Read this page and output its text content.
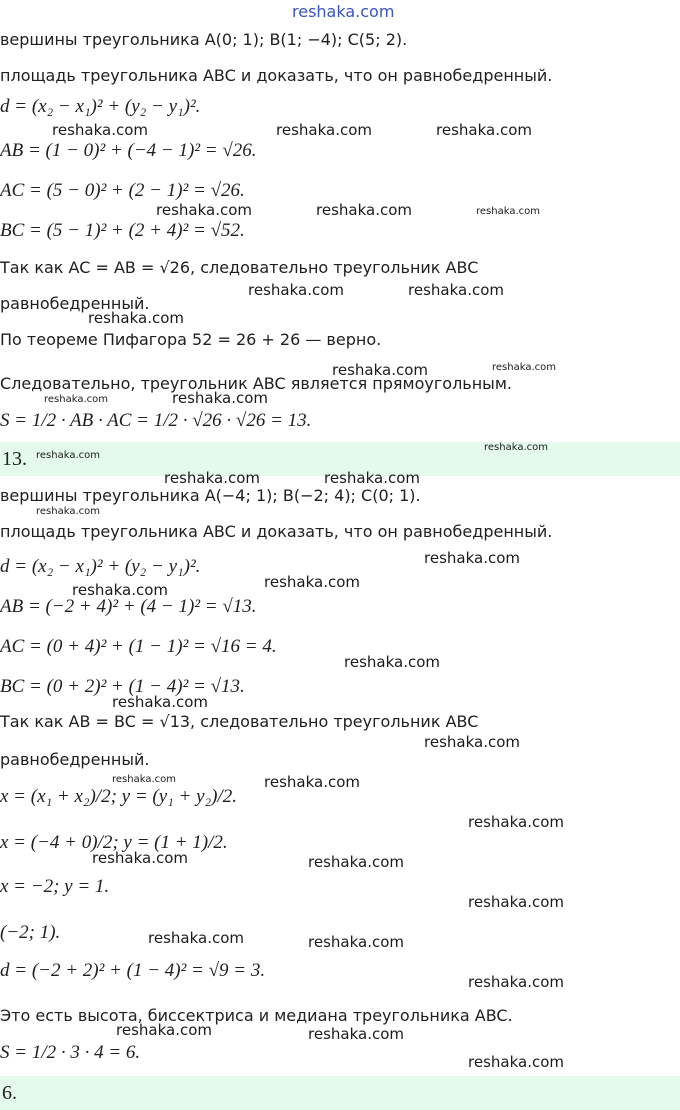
reshaka.com
вершины треугольника A(0; 1); B(1; −4); C(5; 2).
площадь треугольника ABC и доказать, что он равнобедренный.
d = (x₂ − x₁)² + (y₂ − y₁)².
AB = (1 − 0)² + (−4 − 1)² = √26.
AC = (5 − 0)² + (2 − 1)² = √26.
BC = (5 − 1)² + (2 + 4)² = √52.
Так как AC = AB = √26, следовательно треугольник ABC
равнобедренный.
По теореме Пифагора 52 = 26 + 26 — верно.
Следовательно, треугольник ABC является прямоугольным.
S = 1/2 · AB · AC = 1/2 · √26 · √26 = 13.
13.
вершины треугольника A(−4; 1); B(−2; 4); C(0; 1).
площадь треугольника ABC и доказать, что он равнобедренный.
d = (x₂ − x₁)² + (y₂ − y₁)².
AB = (−2 + 4)² + (4 − 1)² = √13.
AC = (0 + 4)² + (1 − 1)² = √16 = 4.
BC = (0 + 2)² + (1 − 4)² = √13.
Так как AB = BC = √13, следовательно треугольник ABC
равнобедренный.
x = (x₁ + x₂)/2; y = (y₁ + y₂)/2.
x = (−4 + 0)/2; y = (1 + 1)/2.
x = −2; y = 1.
(−2; 1).
d = (−2 + 2)² + (1 − 4)² = √9 = 3.
Это есть высота, биссектриса и медиана треугольника ABC.
S = 1/2 · 3 · 4 = 6.
6.
reshaka.com	reshaka.com	reshaka.com
reshaka.com	reshaka.com	reshaka.com
reshaka.com	reshaka.com
reshaka.com
reshaka.com	reshaka.com
reshaka.com	reshaka.com
reshaka.com
reshaka.com
reshaka.com	reshaka.com
reshaka.com
reshaka.com
reshaka.com
reshaka.com
reshaka.com
reshaka.com
reshaka.com
reshaka.com
reshaka.com
reshaka.com
reshaka.com	reshaka.com
reshaka.com
reshaka.com	reshaka.com
reshaka.com
reshaka.com	reshaka.com
reshaka.com
